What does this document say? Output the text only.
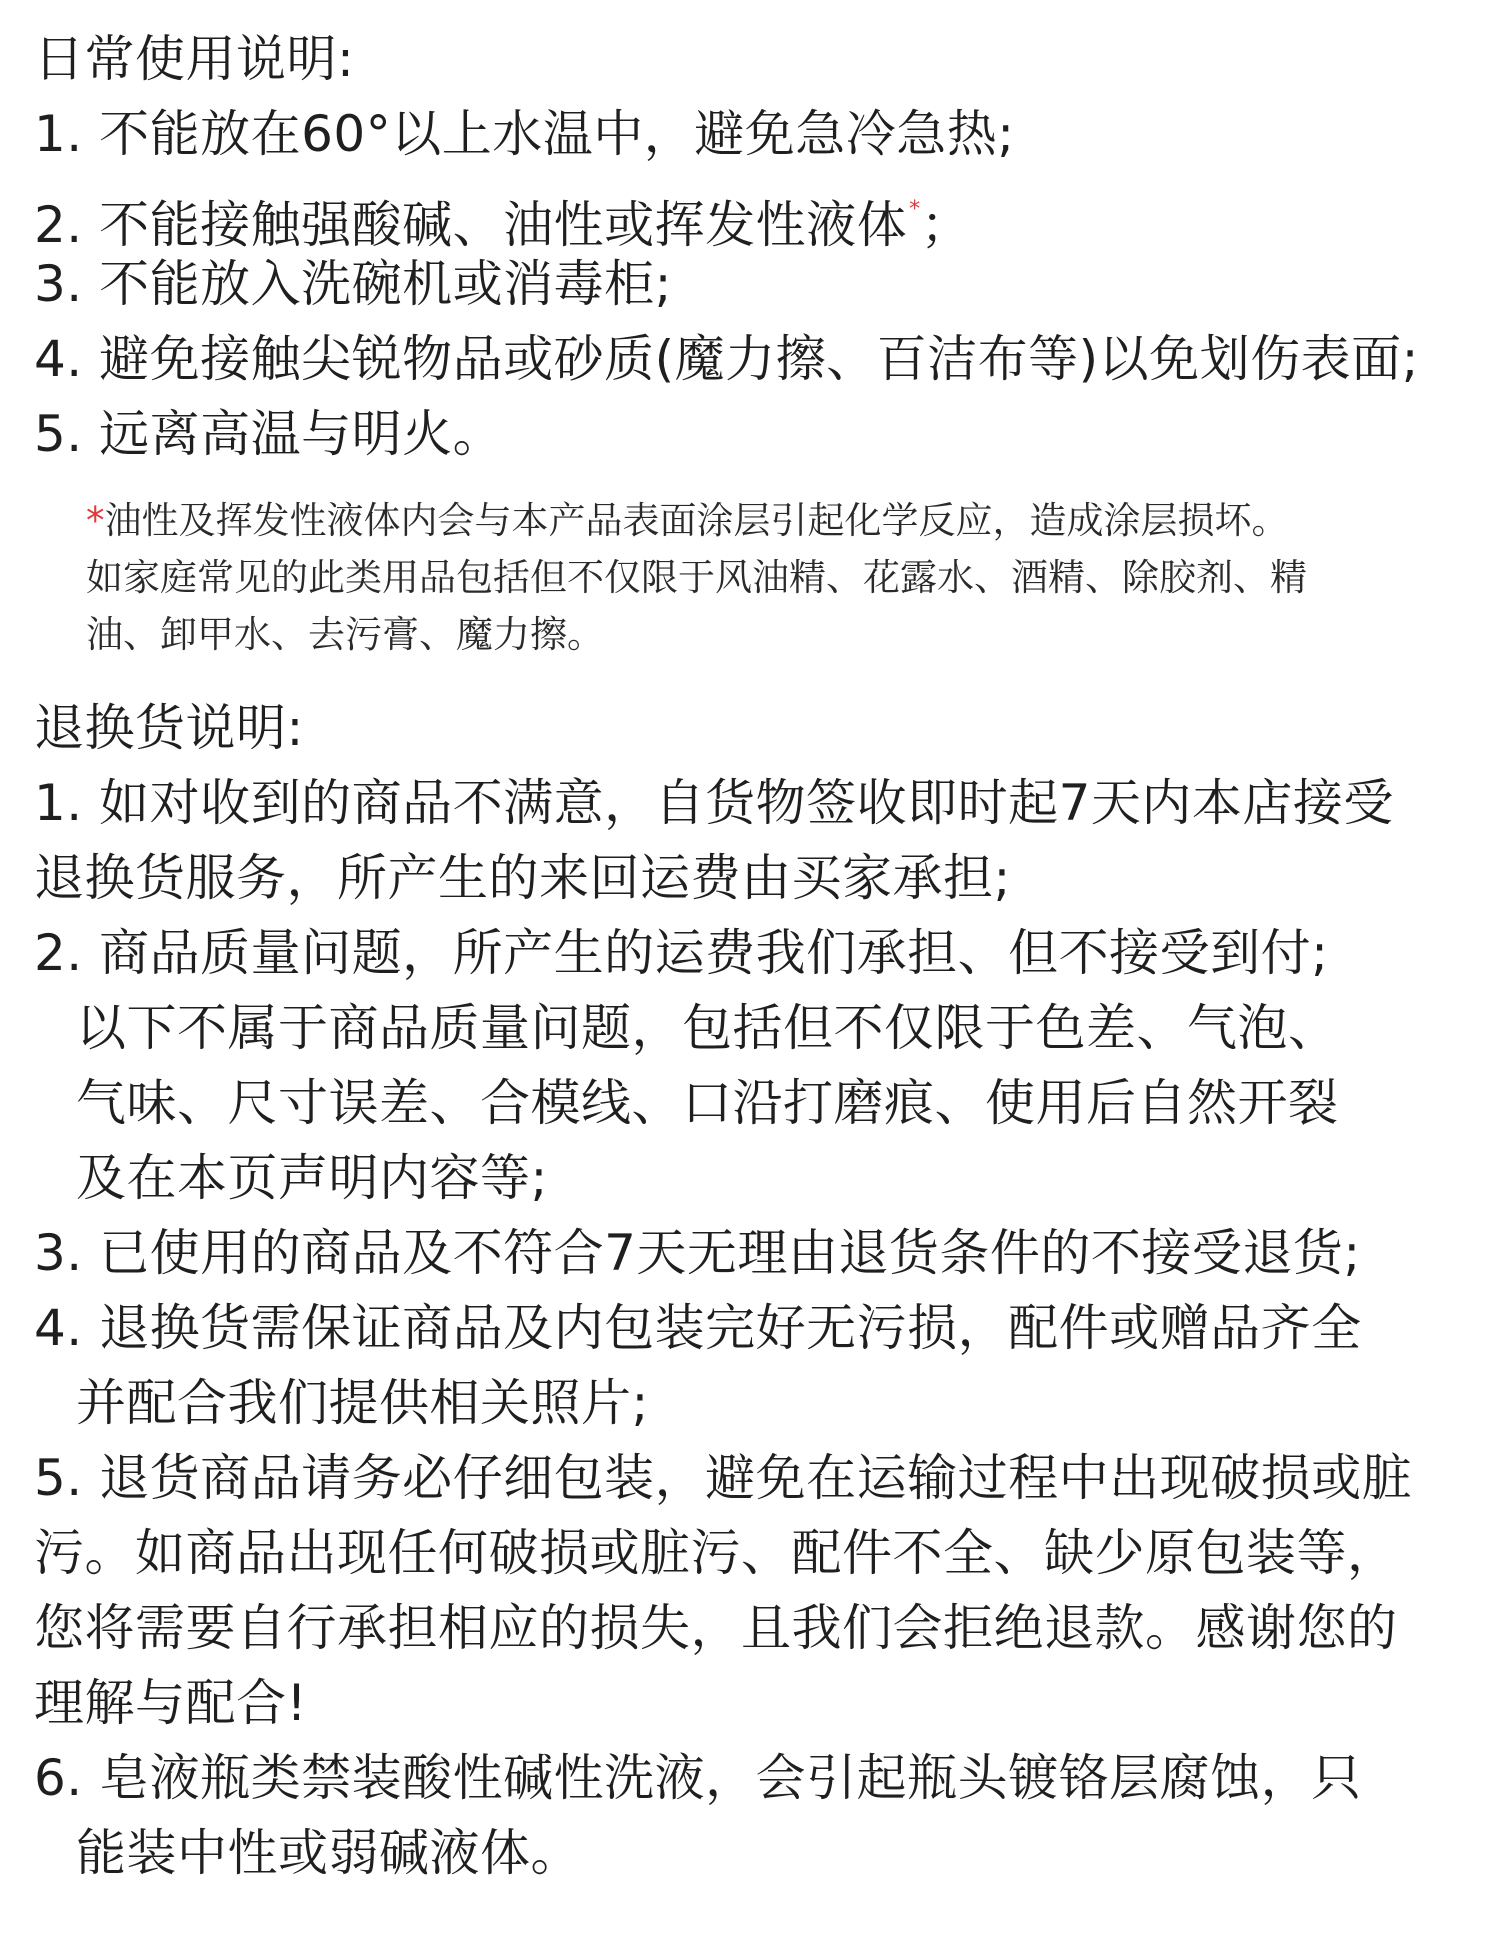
日常使用说明:
1. 不能放在60°以上水温中，避免急冷急热;
2. 不能接触强酸碱、油性或挥发性液体*；
3. 不能放入洗碗机或消毒柜;
4. 避免接触尖锐物品或砂质(魔力擦、百洁布等)以免划伤表面;
5. 远离高温与明火。
*油性及挥发性液体内会与本产品表面涂层引起化学反应，造成涂层损坏。
如家庭常见的此类用品包括但不仅限于风油精、花露水、酒精、除胶剂、精
油、卸甲水、去污膏、魔力擦。
退换货说明:
1. 如对收到的商品不满意，自货物签收即时起7天内本店接受
退换货服务，所产生的来回运费由买家承担;
2. 商品质量问题，所产生的运费我们承担、但不接受到付;
以下不属于商品质量问题，包括但不仅限于色差、气泡、
气味、尺寸误差、合模线、口沿打磨痕、使用后自然开裂
及在本页声明内容等;
3. 已使用的商品及不符合7天无理由退货条件的不接受退货;
4. 退换货需保证商品及内包装完好无污损，配件或赠品齐全
并配合我们提供相关照片;
5. 退货商品请务必仔细包装，避免在运输过程中出现破损或脏
污。如商品出现任何破损或脏污、配件不全、缺少原包装等，
您将需要自行承担相应的损失，且我们会拒绝退款。感谢您的
理解与配合!
6. 皂液瓶类禁装酸性碱性洗液，会引起瓶头镀铬层腐蚀，只
能装中性或弱碱液体。
